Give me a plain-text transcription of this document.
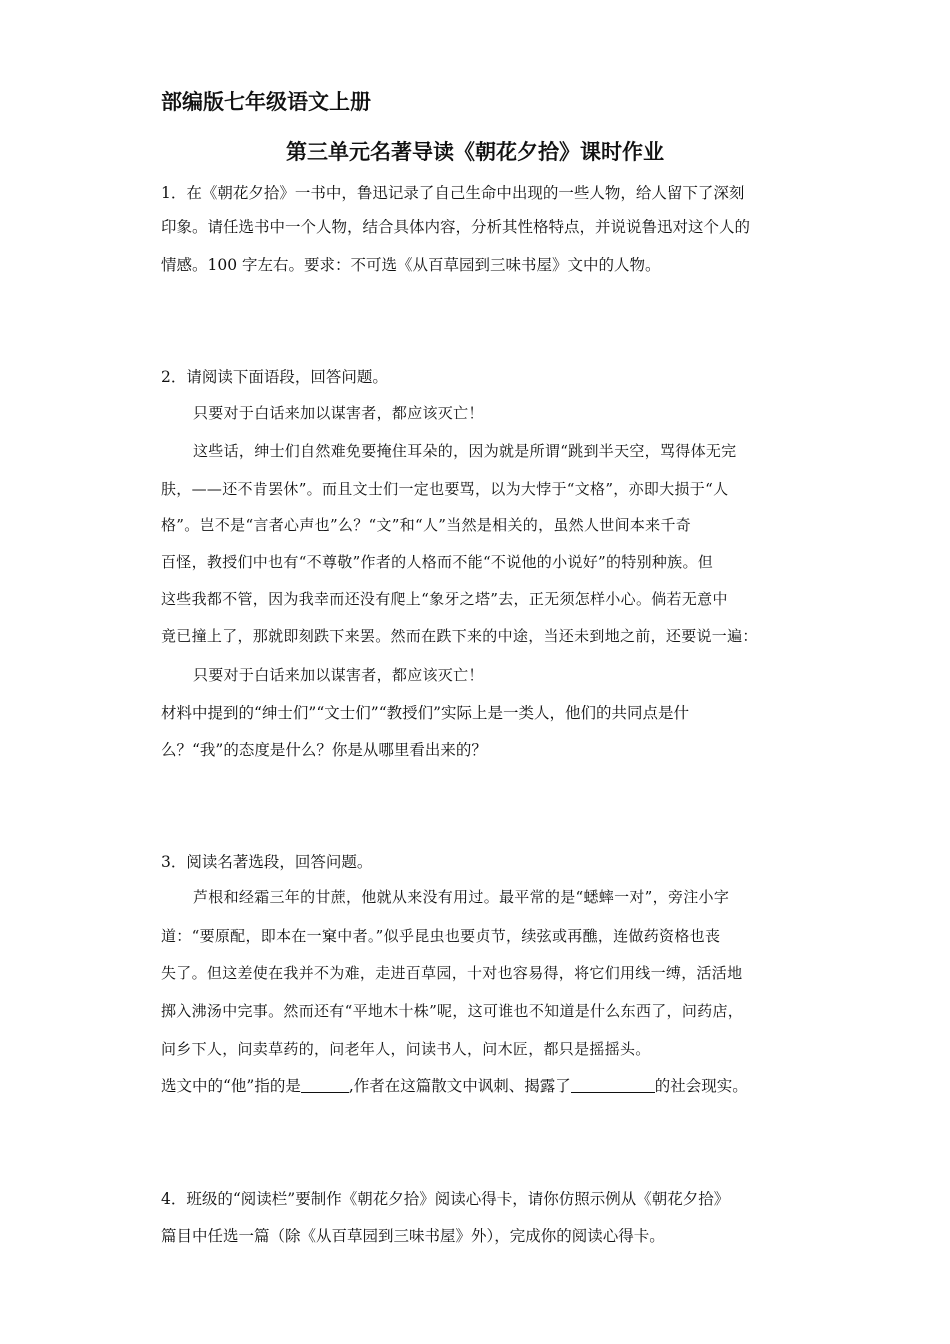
部编版七年级语文上册
第三单元名著导读《朝花夕拾》课时作业
1．在《朝花夕拾》一书中，鲁迅记录了自己生命中出现的一些人物，给人留下了深刻
印象。请任选书中一个人物，结合具体内容，分析其性格特点，并说说鲁迅对这个人的
情感。100 字左右。要求：不可选《从百草园到三味书屋》文中的人物。
2．请阅读下面语段，回答问题。
只要对于白话来加以谋害者，都应该灭亡！
这些话，绅士们自然难免要掩住耳朵的，因为就是所谓“跳到半天空，骂得体无完
肤，——还不肯罢休”。而且文士们一定也要骂，以为大悖于“文格”，亦即大损于“人
格”。岂不是“言者心声也”么？“文”和“人”当然是相关的，虽然人世间本来千奇
百怪，教授们中也有“不尊敬”作者的人格而不能“不说他的小说好”的特别种族。但
这些我都不管，因为我幸而还没有爬上“象牙之塔”去，正无须怎样小心。倘若无意中
竟已撞上了，那就即刻跌下来罢。然而在跌下来的中途，当还未到地之前，还要说一遍：
只要对于白话来加以谋害者，都应该灭亡！
材料中提到的“绅士们”“文士们”“教授们”实际上是一类人，他们的共同点是什
么？“我”的态度是什么？你是从哪里看出来的？
3．阅读名著选段，回答问题。
芦根和经霜三年的甘蔗，他就从来没有用过。最平常的是“蟋蟀一对”，旁注小字
道：“要原配，即本在一窠中者。”似乎昆虫也要贞节，续弦或再醮，连做药资格也丧
失了。但这差使在我并不为难，走进百草园，十对也容易得，将它们用线一缚，活活地
掷入沸汤中完事。然而还有“平地木十株”呢，这可谁也不知道是什么东西了，问药店，
问乡下人，问卖草药的，问老年人，问读书人，问木匠，都只是摇摇头。
选文中的“他”指的是	,作者在这篇散文中讽刺、揭露了	的社会现实。
4．班级的“阅读栏”要制作《朝花夕拾》阅读心得卡，请你仿照示例从《朝花夕拾》
篇目中任选一篇（除《从百草园到三味书屋》外），完成你的阅读心得卡。
